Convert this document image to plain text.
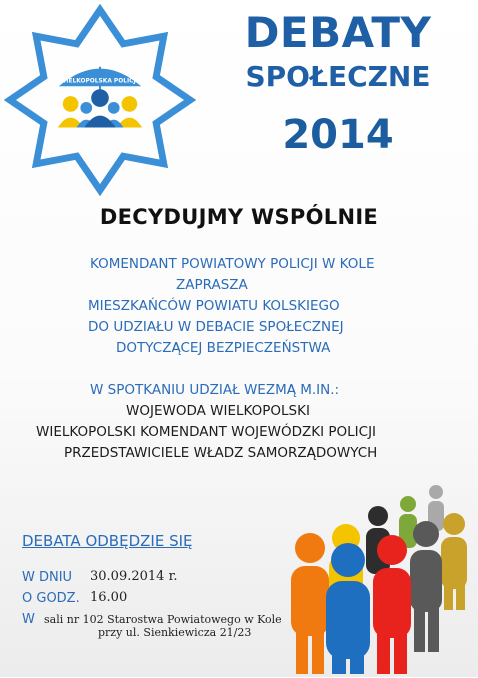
WIELKOPOLSKA POLICJA
DEBATY
SPOŁECZNE
2014
DECYDUJMY WSPÓLNIE
KOMENDANT POWIATOWY POLICJI W KOLE
ZAPRASZA
MIESZKAŃCÓW POWIATU KOLSKIEGO
DO UDZIAŁU W DEBACIE SPOŁECZNEJ
DOTYCZĄCEJ BEZPIECZEŃSTWA
W SPOTKANIU UDZIAŁ WEZMĄ M.IN.:
WOJEWODA WIELKOPOLSKI
WIELKOPOLSKI KOMENDANT WOJEWÓDZKI POLICJI
PRZEDSTAWICIELE WŁADZ SAMORZĄDOWYCH
DEBATA ODBĘDZIE SIĘ
W DNIU 30.09.2014 r.
O GODZ. 16.00
W sali nr 102 Starostwa Powiatowego w Kole
przy ul. Sienkiewicza 21/23
